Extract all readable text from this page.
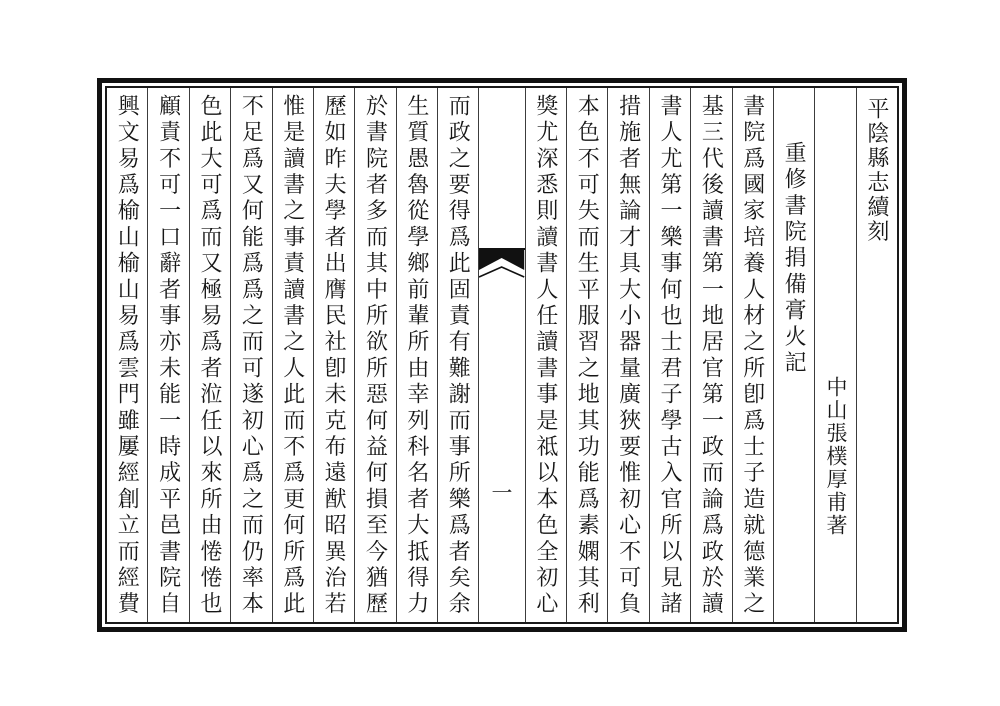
平陰縣志續刻
中山張樸厚甫著
重修書院捐備膏火記
書院爲國家培養人材之所卽爲士子造就德業之
基三代後讀書第一地居官第一政而論爲政於讀
書人尤第一樂事何也士君子學古入官所以見諸
措施者無論才具大小器量廣狹要惟初心不可負
本色不可失而生平服習之地其功能爲素嫻其利
獎尤深悉則讀書人任讀書事是祗以本色全初心
一
而政之要得爲此固責有難謝而事所樂爲者矣余
生質愚魯從學鄉前輩所由幸列科名者大抵得力
於書院者多而其中所欲所惡何益何損至今猶歷
歷如昨夫學者出膺民社卽未克布遠猷昭異治若
惟是讀書之事責讀書之人此而不爲更何所爲此
不足爲又何能爲爲之而可遂初心爲之而仍率本
色此大可爲而又極易爲者涖任以來所由惓惓也
顧責不可一口辭者事亦未能一時成平邑書院自
興文易爲榆山榆山易爲雲門雖屢經創立而經費
